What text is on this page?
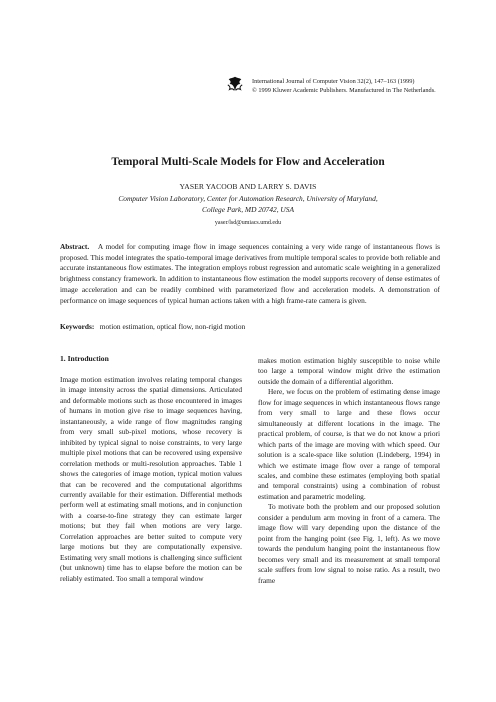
International Journal of Computer Vision 32(2), 147–163 (1999)
© 1999 Kluwer Academic Publishers. Manufactured in The Netherlands.
Temporal Multi-Scale Models for Flow and Acceleration
YASER YACOOB AND LARRY S. DAVIS
Computer Vision Laboratory, Center for Automation Research, University of Maryland,
College Park, MD 20742, USA
yaser/lsd@umiacs.umd.edu
Abstract. A model for computing image flow in image sequences containing a very wide range of instantaneous flows is proposed. This model integrates the spatio-temporal image derivatives from multiple temporal scales to provide both reliable and accurate instantaneous flow estimates. The integration employs robust regression and automatic scale weighting in a generalized brightness constancy framework. In addition to instantaneous flow estimation the model supports recovery of dense estimates of image acceleration and can be readily combined with parameterized flow and acceleration models. A demonstration of performance on image sequences of typical human actions taken with a high frame-rate camera is given.
Keywords: motion estimation, optical flow, non-rigid motion
1. Introduction

Image motion estimation involves relating temporal changes in image intensity across the spatial dimensions. Articulated and deformable motions such as those encountered in images of humans in motion give rise to image sequences having, instantaneously, a wide range of flow magnitudes ranging from very small sub-pixel motions, whose recovery is inhibited by typical signal to noise constraints, to very large multiple pixel motions that can be recovered using expensive correlation methods or multi-resolution approaches. Table 1 shows the categories of image motion, typical motion values that can be recovered and the computational algorithms currently available for their estimation. Differential methods perform well at estimating small motions, and in conjunction with a coarse-to-fine strategy they can estimate larger motions; but they fail when motions are very large. Correlation approaches are better suited to compute very large motions but they are computationally expensive. Estimating very small motions is challenging since sufficient (but unknown) time has to elapse before the motion can be reliably estimated. Too small a temporal window

makes motion estimation highly susceptible to noise while too large a temporal window might drive the estimation outside the domain of a differential algorithm.

Here, we focus on the problem of estimating dense image flow for image sequences in which instantaneous flows range from very small to large and these flows occur simultaneously at different locations in the image. The practical problem, of course, is that we do not know a priori which parts of the image are moving with which speed. Our solution is a scale-space like solution (Lindeberg, 1994) in which we estimate image flow over a range of temporal scales, and combine these estimates (employing both spatial and temporal constraints) using a combination of robust estimation and parametric modeling.

To motivate both the problem and our proposed solution consider a pendulum arm moving in front of a camera. The image flow will vary depending upon the distance of the point from the hanging point (see Fig. 1, left). As we move towards the pendulum hanging point the instantaneous flow becomes very small and its measurement at small temporal scale suffers from low signal to noise ratio. As a result, two frame
